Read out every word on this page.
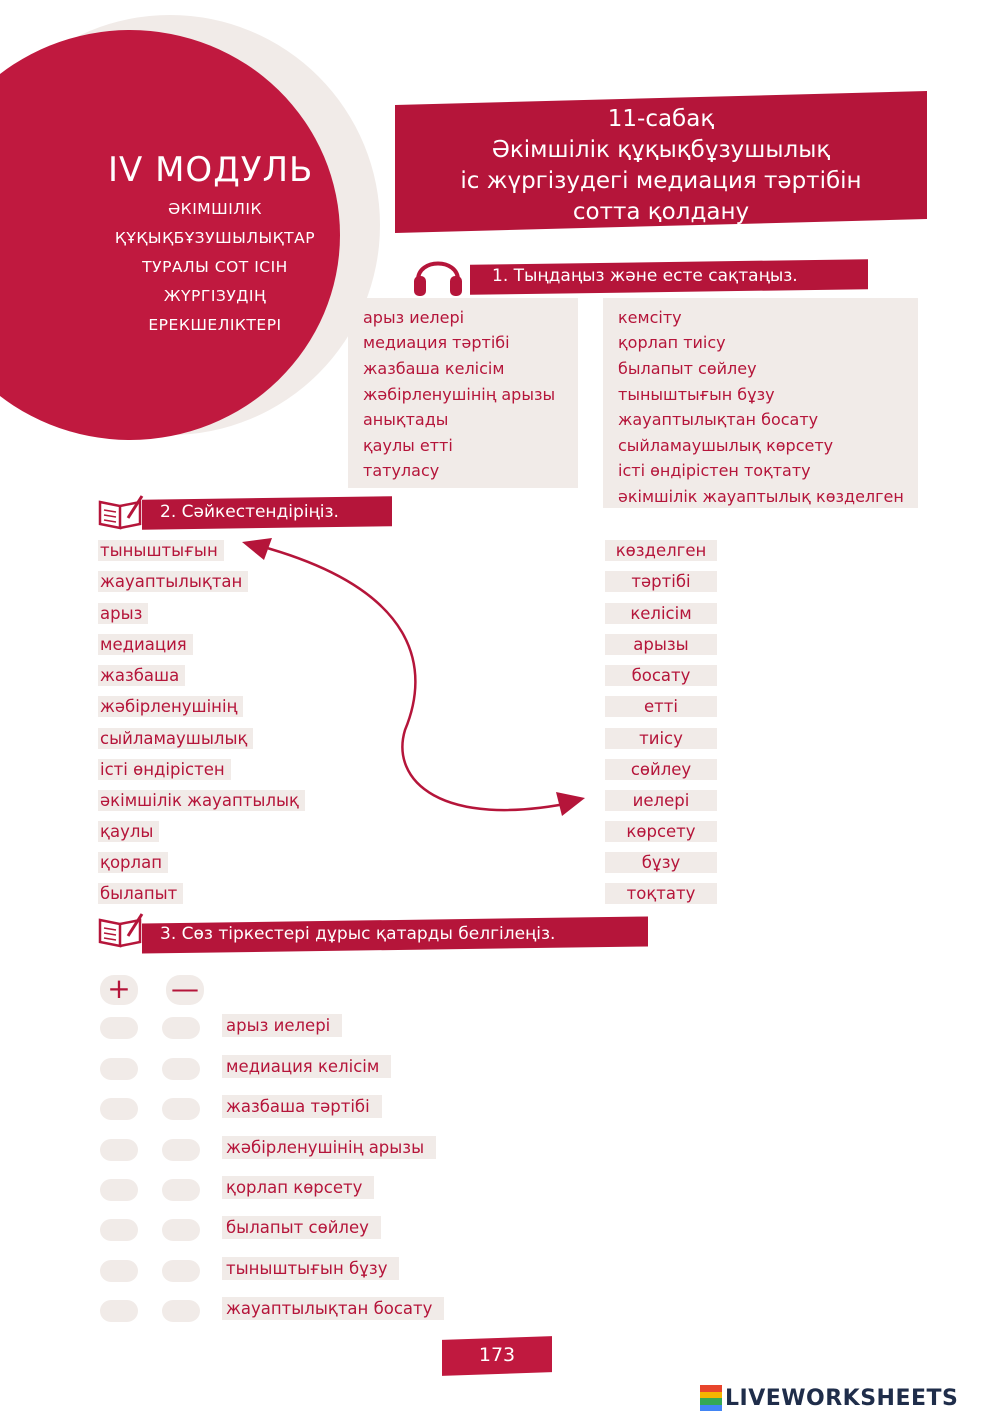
IV МОДУЛЬ
ӘКІМШІЛІК
ҚҰҚЫҚБҰЗУШЫЛЫҚТАР
ТУРАЛЫ СОТ ІСІН
ЖҮРГІЗУДІҢ
ЕРЕКШЕЛІКТЕРІ
11-сабақ
Әкімшілік құқықбұзушылық
іс жүргізудегі медиация тәртібін
сотта қолдану
1. Тыңдаңыз және есте сақтаңыз.
арыз иелері
медиация тәртібі
жазбаша келісім
жәбірленушінің арызы
анықтады
қаулы етті
татуласу
кемсіту
қорлап тиісу
былапыт сөйлеу
тыныштығын бұзу
жауаптылықтан босату
сыйламаушылық көрсету
істі өндірістен тоқтату
әкімшілік жауаптылық көзделген
2. Сәйкестендіріңіз.
тыныштығын
жауаптылықтан
арыз
медиация
жазбаша
жәбірленушінің
сыйламаушылық
істі өндірістен
әкімшілік жауаптылық
қаулы
қорлап
былапыт
көзделген
тәртібі
келісім
арызы
босату
етті
тиісу
сөйлеу
иелері
көрсету
бұзу
тоқтату
3. Сөз тіркестері дұрыс қатарды белгілеңіз.
+ —
арыз иелері
медиация келісім
жазбаша тәртібі
жәбірленушінің арызы
қорлап көрсету
былапыт сөйлеу
тыныштығын бұзу
жауаптылықтан босату
173
LIVEWORKSHEETS
